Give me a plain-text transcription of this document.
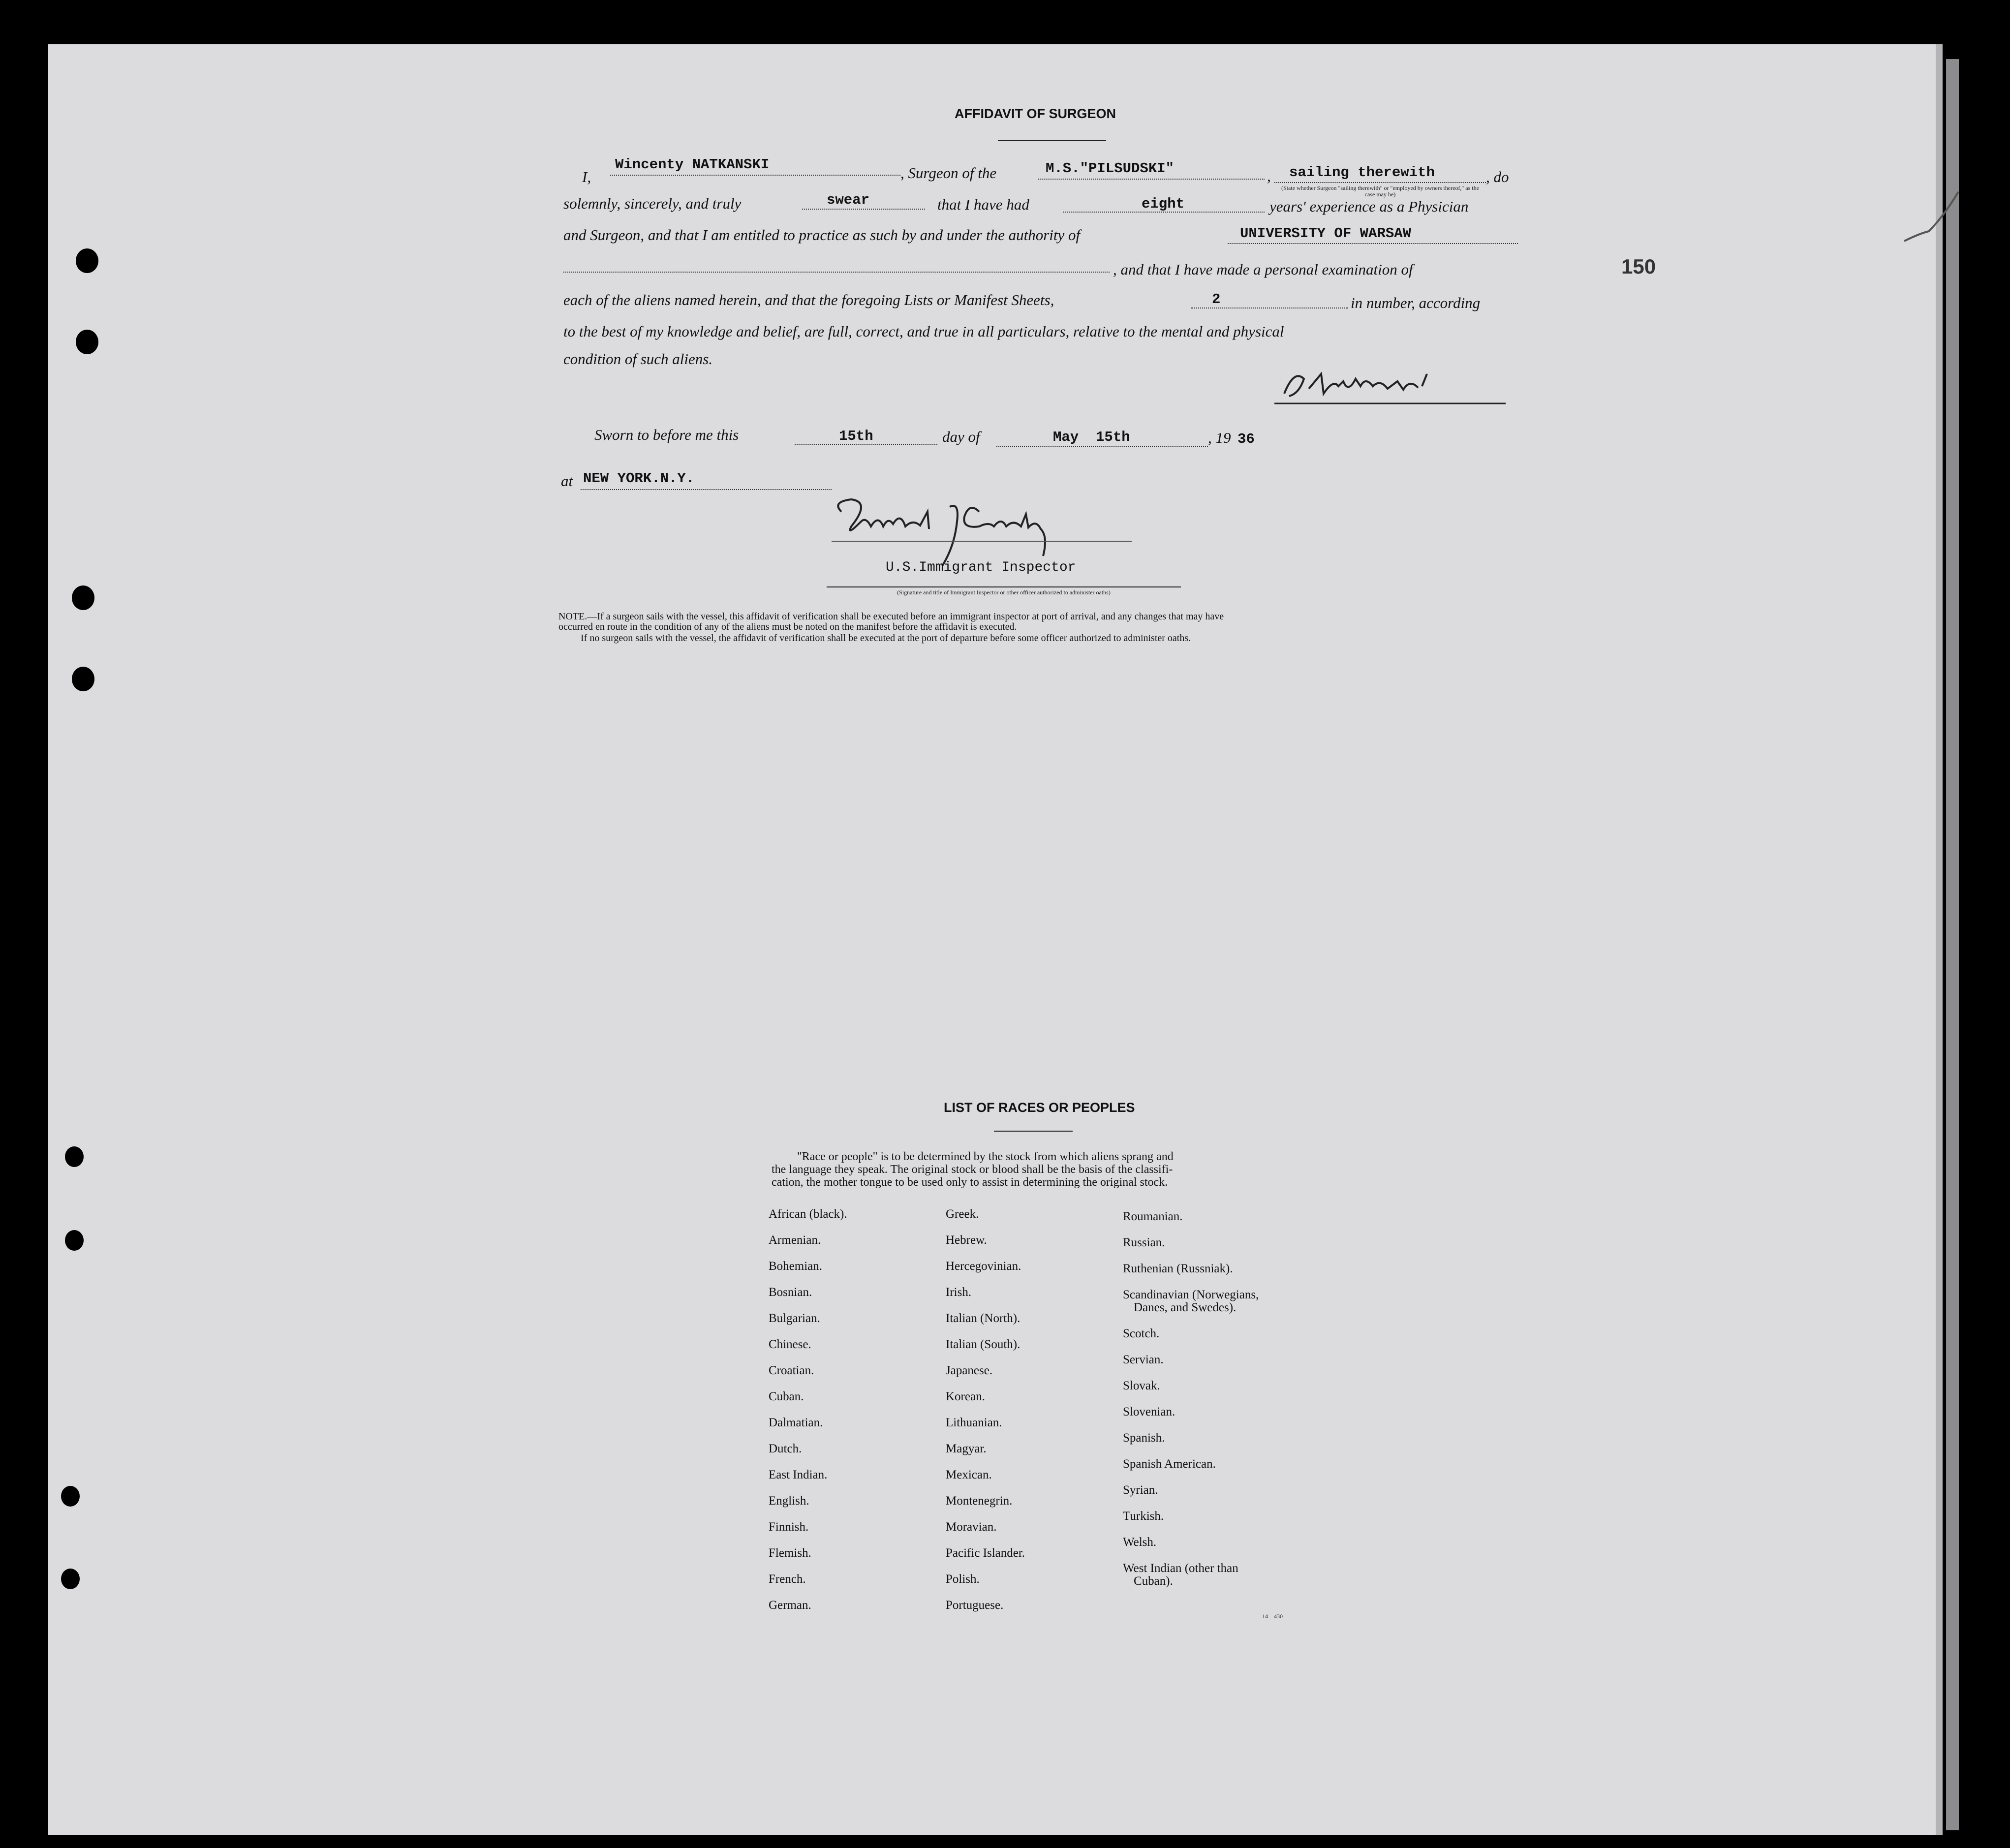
150
AFFIDAVIT OF SURGEON
I,
Wincenty NATKANSKI	, Surgeon of the	M.S."PILSUDSKI"	, sailing therewith	, do
(State whether Surgeon "sailing therewith" or "employed by owners thereof," as the case may be)
solemnly, sincerely, and truly	swear	that I have had	eight	years' experience as a Physician
and Surgeon, and that I am entitled to practice as such by and under the authority of	UNIVERSITY OF WARSAW
, and that I have made a personal examination of
each of the aliens named herein, and that the foregoing Lists or Manifest Sheets,	2	in number, according
to the best of my knowledge and belief, are full, correct, and true in all particulars, relative to the mental and physical
condition of such aliens.
Sworn to before me this	15th	day of	May  15th	, 19 36
at NEW YORK.N.Y.
U.S.Immigrant Inspector
(Signature and title of Immigrant Inspector or other officer authorized to administer oaths)
NOTE.—If a surgeon sails with the vessel, this affidavit of verification shall be executed before an immigrant inspector at port of arrival, and any changes that may have
occurred en route in the condition of any of the aliens must be noted on the manifest before the affidavit is executed.
If no surgeon sails with the vessel, the affidavit of verification shall be executed at the port of departure before some officer authorized to administer oaths.
LIST OF RACES OR PEOPLES
"Race or people" is to be determined by the stock from which aliens sprang and
the language they speak. The original stock or blood shall be the basis of the classifi-
cation, the mother tongue to be used only to assist in determining the original stock.
African (black).
Armenian.
Bohemian.
Bosnian.
Bulgarian.
Chinese.
Croatian.
Cuban.
Dalmatian.
Dutch.
East Indian.
English.
Finnish.
Flemish.
French.
German.
Greek.
Hebrew.
Hercegovinian.
Irish.
Italian (North).
Italian (South).
Japanese.
Korean.
Lithuanian.
Magyar.
Mexican.
Montenegrin.
Moravian.
Pacific Islander.
Polish.
Portuguese.
Roumanian.
Russian.
Ruthenian (Russniak).
Scandinavian (Norwegians,
Danes, and Swedes).
Scotch.
Servian.
Slovak.
Slovenian.
Spanish.
Spanish American.
Syrian.
Turkish.
Welsh.
West Indian (other than
Cuban).
14—430
